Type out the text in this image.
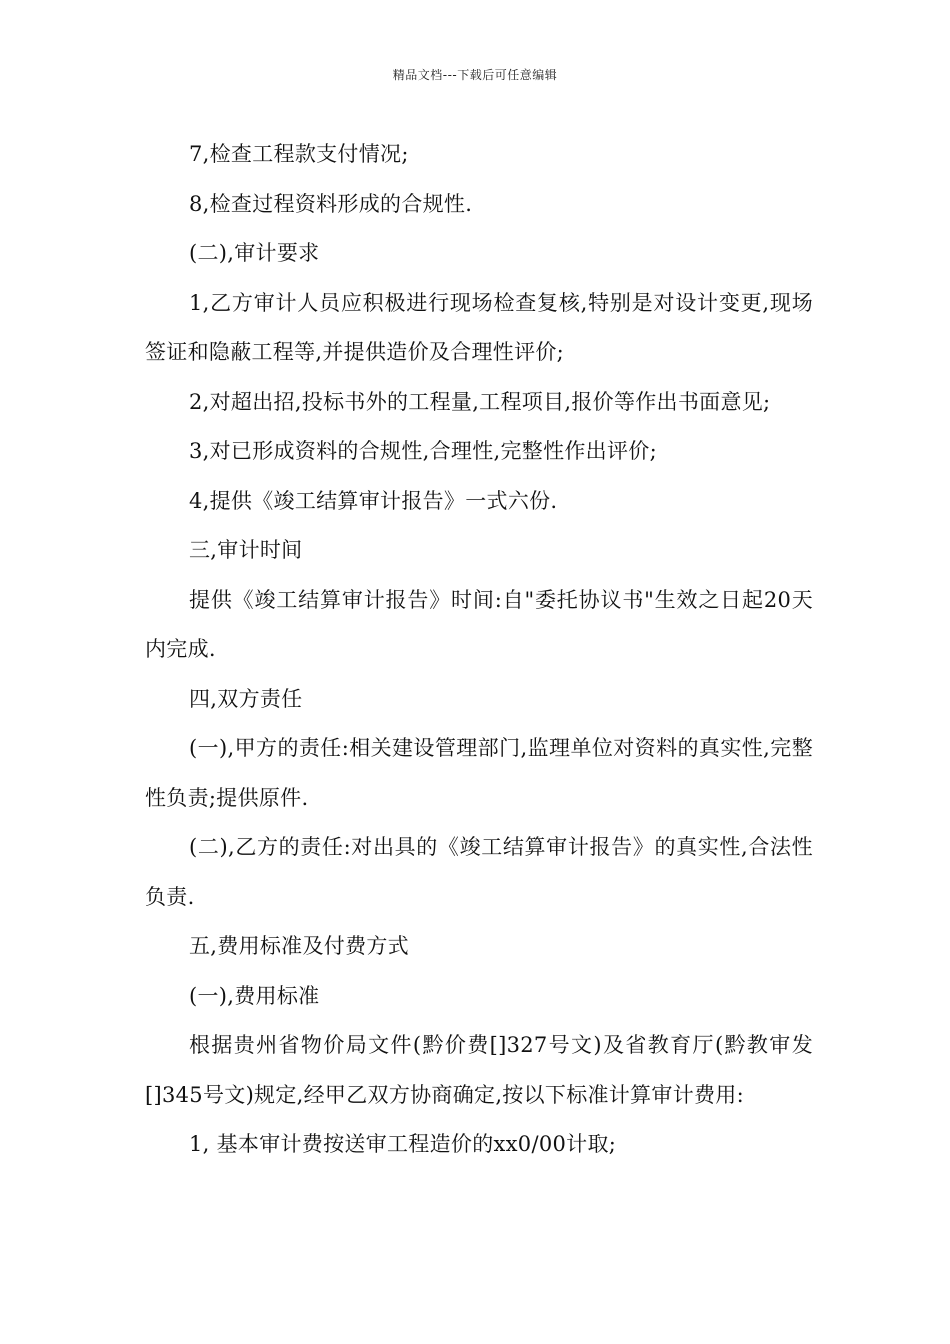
精品文档---下载后可任意编辑

7,检查工程款支付情况;

8,检查过程资料形成的合规性.

(二),审计要求

1,乙方审计人员应积极进行现场检查复核,特别是对设计变更,现场签证和隐蔽工程等,并提供造价及合理性评价;

2,对超出招,投标书外的工程量,工程项目,报价等作出书面意见;

3,对已形成资料的合规性,合理性,完整性作出评价;

4,提供《竣工结算审计报告》一式六份.

三,审计时间

提供《竣工结算审计报告》时间:自"委托协议书"生效之日起20天内完成.

四,双方责任

(一),甲方的责任:相关建设管理部门,监理单位对资料的真实性,完整性负责;提供原件.

(二),乙方的责任:对出具的《竣工结算审计报告》的真实性,合法性负责.

五,费用标准及付费方式

(一),费用标准

根据贵州省物价局文件(黔价费[]327号文)及省教育厅(黔教审发 []345号文)规定,经甲乙双方协商确定,按以下标准计算审计费用:

1, 基本审计费按送审工程造价的xx0/00计取;
